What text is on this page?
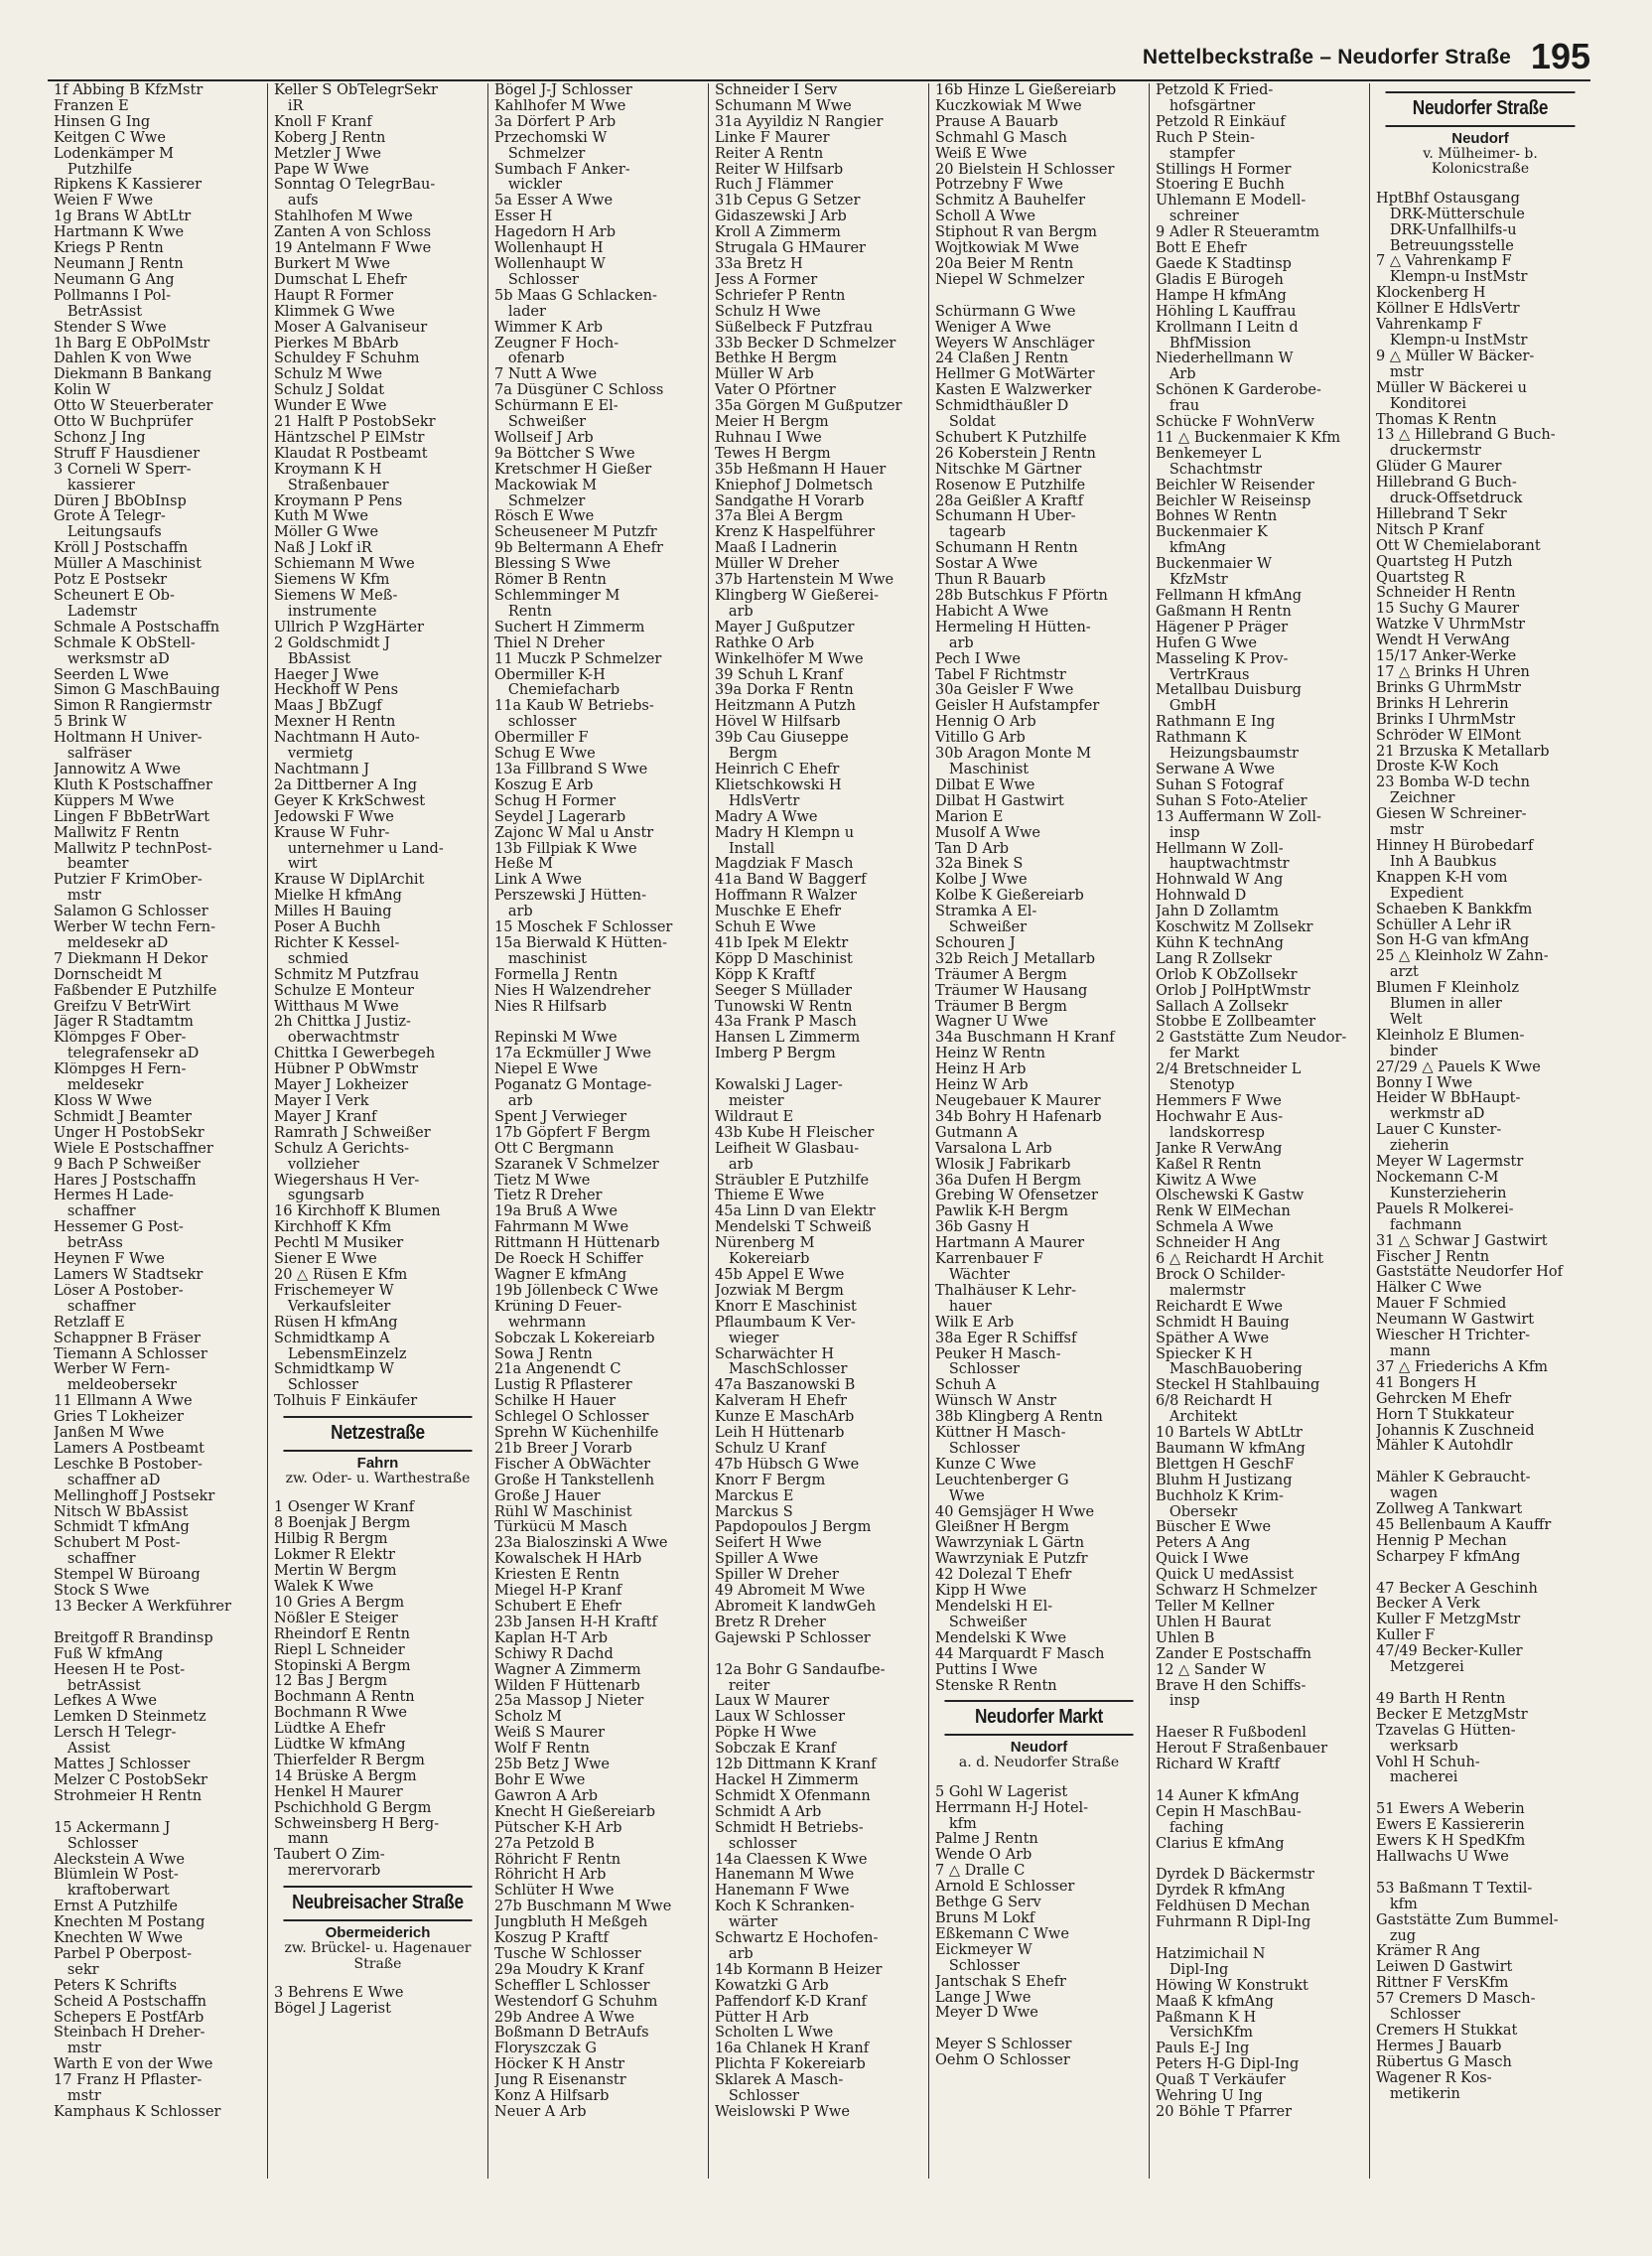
Nettelbeckstraße – Neudorfer Straße 195
1f Abbing B KfzMstr
Franzen E
Hinsen G Ing
Keitgen C Wwe
Lodenkämper M
Putzhilfe
Ripkens K Kassierer
Weien F Wwe
1g Brans W AbtLtr
Hartmann K Wwe
Kriegs P Rentn
Neumann J Rentn
Neumann G Ang
Pollmanns I Pol-
BetrAssist
Stender S Wwe
1h Barg E ObPolMstr
Dahlen K von Wwe
Diekmann B Bankang
Kolin W
Otto W Steuerberater
Otto W Buchprüfer
Schonz J Ing
Struff F Hausdiener
3 Corneli W Sperr-
kassierer
Düren J BbObInsp
Grote A Telegr-
Leitungsaufs
Kröll J Postschaffn
Müller A Maschinist
Potz E Postsekr
Scheunert E Ob-
Lademstr
Schmale A Postschaffn
Schmale K ObStell-
werksmstr aD
Seerden L Wwe
Simon G MaschBauing
Simon R Rangiermstr
5 Brink W
Holtmann H Univer-
salfräser
Jannowitz A Wwe
Kluth K Postschaffner
Küppers M Wwe
Lingen F BbBetrWart
Mallwitz F Rentn
Mallwitz P technPost-
beamter
Putzier F KrimOber-
mstr
Salamon G Schlosser
Werber W techn Fern-
meldesekr aD
7 Diekmann H Dekor
Dornscheidt M
Faßbender E Putzhilfe
Greifzu V BetrWirt
Jäger R Stadtamtm
Klömpges F Ober-
telegrafensekr aD
Klömpges H Fern-
meldesekr
Kloss W Wwe
Schmidt J Beamter
Unger H PostobSekr
Wiele E Postschaffner
9 Bach P Schweißer
Hares J Postschaffn
Hermes H Lade-
schaffner
Hessemer G Post-
betrAss
Heynen F Wwe
Lamers W Stadtsekr
Löser A Postober-
schaffner
Retzlaff E
Schappner B Fräser
Tiemann A Schlosser
Werber W Fern-
meldeobersekr
11 Ellmann A Wwe
Gries T Lokheizer
Janßen M Wwe
Lamers A Postbeamt
Leschke B Postober-
schaffner aD
Mellinghoff J Postsekr
Nitsch W BbAssist
Schmidt T kfmAng
Schubert M Post-
schaffner
Stempel W Büroang
Stock S Wwe
13 Becker A Werkführer

Breitgoff R Brandinsp
Fuß W kfmAng
Heesen H te Post-
betrAssist
Lefkes A Wwe
Lemken D Steinmetz
Lersch H Telegr-
Assist
Mattes J Schlosser
Melzer C PostobSekr
Strohmeier H Rentn

15 Ackermann J
Schlosser
Aleckstein A Wwe
Blümlein W Post-
kraftoberwart
Ernst A Putzhilfe
Knechten M Postang
Knechten W Wwe
Parbel P Oberpost-
sekr
Peters K Schrifts
Scheid A Postschaffn
Schepers E PostfArb
Steinbach H Dreher-
mstr
Warth E von der Wwe
17 Franz H Pflaster-
mstr
Kamphaus K Schlosser
Keller S ObTelegrSekr
iR
Knoll F Kranf
Koberg J Rentn
Metzler J Wwe
Pape W Wwe
Sonntag O TelegrBau-
aufs
Stahlhofen M Wwe
Zanten A von Schloss
19 Antelmann F Wwe
Burkert M Wwe
Dumschat L Ehefr
Haupt R Former
Klimmek G Wwe
Moser A Galvaniseur
Pierkes M BbArb
Schuldey F Schuhm
Schulz M Wwe
Schulz J Soldat
Wunder E Wwe
21 Halft P PostobSekr
Häntzschel P ElMstr
Klaudat R Postbeamt
Kroymann K H
Straßenbauer
Kroymann P Pens
Kuth M Wwe
Möller G Wwe
Naß J Lokf iR
Schiemann M Wwe
Siemens W Kfm
Siemens W Meß-
instrumente
Ullrich P WzgHärter
2 Goldschmidt J
BbAssist
Haeger J Wwe
Heckhoff W Pens
Maas J BbZugf
Mexner H Rentn
Nachtmann H Auto-
vermietg
Nachtmann J
2a Dittberner A Ing
Geyer K KrkSchwest
Jedowski F Wwe
Krause W Fuhr-
unternehmer u Land-
wirt
Krause W DiplArchit
Mielke H kfmAng
Milles H Bauing
Poser A Buchh
Richter K Kessel-
schmied
Schmitz M Putzfrau
Schulze E Monteur
Witthaus M Wwe
2h Chittka J Justiz-
oberwachtmstr
Chittka I Gewerbegeh
Hübner P ObWmstr
Mayer J Lokheizer
Mayer I Verk
Mayer J Kranf
Ramrath J Schweißer
Schulz A Gerichts-
vollzieher
Wiegershaus H Ver-
sgungsarb
16 Kirchhoff K Blumen
Kirchhoff K Kfm
Pechtl M Musiker
Siener E Wwe
20 △ Rüsen E Kfm
Frischemeyer W
Verkaufsleiter
Rüsen H kfmAng
Schmidtkamp A
LebensmEinzelz
Schmidtkamp W
Schlosser
Tolhuis F Einkäufer
Netzestraße
Fahrn
zw. Oder- u. Warthestraße
1 Osenger W Kranf
8 Boenjak J Bergm
Hilbig R Bergm
Lokmer R Elektr
Mertin W Bergm
Walek K Wwe
10 Gries A Bergm
Nößler E Steiger
Rheindorf E Rentn
Riepl L Schneider
Stopinski A Bergm
12 Bas J Bergm
Bochmann A Rentn
Bochmann R Wwe
Lüdtke A Ehefr
Lüdtke W kfmAng
Thierfelder R Bergm
14 Brüske A Bergm
Henkel H Maurer
Pschichhold G Bergm
Schweinsberg H Berg-
mann
Taubert O Zim-
merervorarb
Neubreisacher Straße
Obermeiderich
zw. Brückel- u. Hagenauer Straße
3 Behrens E Wwe
Bögel J Lagerist
Bögel J-J Schlosser
Kahlhofer M Wwe
3a Dörfert P Arb
Przechomski W
Schmelzer
Sumbach F Anker-
wickler
5a Esser A Wwe
Esser H
Hagedorn H Arb
Wollenhaupt H
Wollenhaupt W
Schlosser
5b Maas G Schlacken-
lader
Wimmer K Arb
Zeugner F Hoch-
ofenarb
7 Nutt A Wwe
7a Düsgüner C Schloss
Schürmann E El-
Schweißer
Wollseif J Arb
9a Böttcher S Wwe
Kretschmer H Gießer
Mackowiak M
Schmelzer
Rösch E Wwe
Scheuseneer M Putzfr
9b Beltermann A Ehefr
Blessing S Wwe
Römer B Rentn
Schlemminger M
Rentn
Suchert H Zimmerm
Thiel N Dreher
11 Muczk P Schmelzer
Obermiller K-H
Chemiefacharb
11a Kaub W Betriebs-
schlosser
Obermiller F
Schug E Wwe
13a Fillbrand S Wwe
Koszug E Arb
Schug H Former
Seydel J Lagerarb
Zajonc W Mal u Anstr
13b Fillpiak K Wwe
Heße M
Link A Wwe
Perszewski J Hütten-
arb
15 Moschek F Schlosser
15a Bierwald K Hütten-
maschinist
Formella J Rentn
Nies H Walzendreher
Nies R Hilfsarb

Repinski M Wwe
17a Eckmüller J Wwe
Niepel E Wwe
Poganatz G Montage-
arb
Spent J Verwieger
17b Göpfert F Bergm
Ott C Bergmann
Szaranek V Schmelzer
Tietz M Wwe
Tietz R Dreher
19a Bruß A Wwe
Fahrmann M Wwe
Rittmann H Hüttenarb
De Roeck H Schiffer
Wagner E kfmAng
19b Jöllenbeck C Wwe
Krüning D Feuer-
wehrmann
Sobczak L Kokereiarb
Sowa J Rentn
21a Angenendt C
Lustig R Pflasterer
Schilke H Hauer
Schlegel O Schlosser
Sprehn W Küchenhilfe
21b Breer J Vorarb
Fischer A ObWächter
Große H Tankstellenh
Große J Hauer
Rühl W Maschinist
Türkücü M Masch
23a Bialoszinski A Wwe
Kowalschek H HArb
Kriesten E Rentn
Miegel H-P Kranf
Schubert E Ehefr
23b Jansen H-H Kraftf
Kaplan H-T Arb
Schiwy R Dachd
Wagner A Zimmerm
Wilden F Hüttenarb
25a Massop J Nieter
Scholz M
Weiß S Maurer
Wolf F Rentn
25b Betz J Wwe
Bohr E Wwe
Gawron A Arb
Knecht H Gießereiarb
Pütscher K-H Arb
27a Petzold B
Röhricht F Rentn
Röhricht H Arb
Schlüter H Wwe
27b Buschmann M Wwe
Jungbluth H Meßgeh
Koszug P Kraftf
Tusche W Schlosser
29a Moudry K Kranf
Scheffler L Schlosser
Westendorf G Schuhm
29b Andree A Wwe
Boßmann D BetrAufs
Floryszczak G
Höcker K H Anstr
Jung R Eisenanstr
Konz A Hilfsarb
Neuer A Arb
Schneider I Serv
Schumann M Wwe
31a Ayyildiz N Rangier
Linke F Maurer
Reiter A Rentn
Reiter W Hilfsarb
Ruch J Flämmer
31b Cepus G Setzer
Gidaszewski J Arb
Kroll A Zimmerm
Strugala G HMaurer
33a Bretz H
Jess A Former
Schriefer P Rentn
Schulz H Wwe
Süßelbeck F Putzfrau
33b Becker D Schmelzer
Bethke H Bergm
Müller W Arb
Vater O Pförtner
35a Görgen M Gußputzer
Meier H Bergm
Ruhnau I Wwe
Tewes H Bergm
35b Heßmann H Hauer
Kniephof J Dolmetsch
Sandgathe H Vorarb
37a Blei A Bergm
Krenz K Haspelführer
Maaß I Ladnerin
Müller W Dreher
37b Hartenstein M Wwe
Klingberg W Gießerei-
arb
Mayer J Gußputzer
Rathke O Arb
Winkelhöfer M Wwe
39 Schuh L Kranf
39a Dorka F Rentn
Heitzmann A Putzh
Hövel W Hilfsarb
39b Cau Giuseppe
Bergm
Heinrich C Ehefr
Klietschkowski H
HdlsVertr
Madry A Wwe
Madry H Klempn u
Install
Magdziak F Masch
41a Band W Baggerf
Hoffmann R Walzer
Muschke E Ehefr
Schuh E Wwe
41b Ipek M Elektr
Köpp D Maschinist
Köpp K Kraftf
Seeger S Müllader
Tunowski W Rentn
43a Frank P Masch
Hansen L Zimmerm
Imberg P Bergm

Kowalski J Lager-
meister
Wildraut E
43b Kube H Fleischer
Leifheit W Glasbau-
arb
Sträubler E Putzhilfe
Thieme E Wwe
45a Linn D van Elektr
Mendelski T Schweiß
Nürenberg M
Kokereiarb
45b Appel E Wwe
Jozwiak M Bergm
Knorr E Maschinist
Pflaumbaum K Ver-
wieger
Scharwächter H
MaschSchlosser
47a Baszanowski B
Kalveram H Ehefr
Kunze E MaschArb
Leih H Hüttenarb
Schulz U Kranf
47b Hübsch G Wwe
Knorr F Bergm
Marckus E
Marckus S
Papdopoulos J Bergm
Seifert H Wwe
Spiller A Wwe
Spiller W Dreher
49 Abromeit M Wwe
Abromeit K landwGeh
Bretz R Dreher
Gajewski P Schlosser

12a Bohr G Sandaufbe-
reiter
Laux W Maurer
Laux W Schlosser
Pöpke H Wwe
Sobczak E Kranf
12b Dittmann K Kranf
Hackel H Zimmerm
Schmidt X Ofenmann
Schmidt A Arb
Schmidt H Betriebs-
schlosser
14a Claessen K Wwe
Hanemann M Wwe
Hanemann F Wwe
Koch K Schranken-
wärter
Schwartz E Hochofen-
arb
14b Kormann B Heizer
Kowatzki G Arb
Paffendorf K-D Kranf
Pütter H Arb
Scholten L Wwe
16a Chlanek H Kranf
Plichta F Kokereiarb
Sklarek A Masch-
Schlosser
Weislowski P Wwe
16b Hinze L Gießereiarb
Kuczkowiak M Wwe
Prause A Bauarb
Schmahl G Masch
Weiß E Wwe
20 Bielstein H Schlosser
Potrzebny F Wwe
Schmitz A Bauhelfer
Scholl A Wwe
Stiphout R van Bergm
Wojtkowiak M Wwe
20a Beier M Rentn
Niepel W Schmelzer

Schürmann G Wwe
Weniger A Wwe
Weyers W Anschläger
24 Claßen J Rentn
Hellmer G MotWärter
Kasten E Walzwerker
Schmidthäußler D
Soldat
Schubert K Putzhilfe
26 Koberstein J Rentn
Nitschke M Gärtner
Rosenow E Putzhilfe
28a Geißler A Kraftf
Schumann H Über-
tagearb
Schumann H Rentn
Sostar A Wwe
Thun R Bauarb
28b Butschkus F Pförtn
Habicht A Wwe
Hermeling H Hütten-
arb
Pech I Wwe
Tabel F Richtmstr
30a Geisler F Wwe
Geisler H Aufstampfer
Hennig O Arb
Vitillo G Arb
30b Aragon Monte M
Maschinist
Dilbat E Wwe
Dilbat H Gastwirt
Marion E
Musolf A Wwe
Tan D Arb
32a Binek S
Kolbe J Wwe
Kolbe K Gießereiarb
Stramka A El-
Schweißer
Schouren J
32b Reich J Metallarb
Träumer A Bergm
Träumer W Hausang
Träumer B Bergm
Wagner U Wwe
34a Buschmann H Kranf
Heinz W Rentn
Heinz H Arb
Heinz W Arb
Neugebauer K Maurer
34b Bohry H Hafenarb
Gutmann A
Varsalona L Arb
Wlosik J Fabrikarb
36a Dufen H Bergm
Grebing W Ofensetzer
Pawlik K-H Bergm
36b Gasny H
Hartmann A Maurer
Karrenbauer F
Wächter
Thalhäuser K Lehr-
hauer
Wilk E Arb
38a Eger R Schiffsf
Peuker H Masch-
Schlosser
Schuh A
Wünsch W Anstr
38b Klingberg A Rentn
Küttner H Masch-
Schlosser
Kunze C Wwe
Leuchtenberger G
Wwe
40 Gemsjäger H Wwe
Gleißner H Bergm
Wawrzyniak L Gärtn
Wawrzyniak E Putzfr
42 Dolezal T Ehefr
Kipp H Wwe
Mendelski H El-
Schweißer
Mendelski K Wwe
44 Marquardt F Masch
Puttins I Wwe
Stenske R Rentn
Neudorfer Markt
Neudorf
a. d. Neudorfer Straße
5 Gohl W Lagerist
Herrmann H-J Hotel-
kfm
Palme J Rentn
Wende O Arb
7 △ Dralle C
Arnold E Schlosser
Bethge G Serv
Bruns M Lokf
Eßkemann C Wwe
Eickmeyer W
Schlosser
Jantschak S Ehefr
Lange J Wwe
Meyer D Wwe

Meyer S Schlosser
Oehm O Schlosser
Petzold K Fried-
hofsgärtner
Petzold R Einkäuf
Ruch P Stein-
stampfer
Stillings H Former
Stoering E Buchh
Uhlemann E Modell-
schreiner
9 Adler R Steueramtm
Bott E Ehefr
Gaede K Stadtinsp
Gladis E Bürogeh
Hampe H kfmAng
Höhling L Kauffrau
Krollmann I Leitn d
BhfMission
Niederhellmann W
Arb
Schönen K Garderobe-
frau
Schücke F WohnVerw
11 △ Buckenmaier K Kfm
Benkemeyer L
Schachtmstr
Beichler W Reisender
Beichler W Reiseinsp
Bohnes W Rentn
Buckenmaier K
kfmAng
Buckenmaier W
KfzMstr
Fellmann H kfmAng
Gaßmann H Rentn
Hägener P Präger
Hufen G Wwe
Masseling K Prov-
VertrKraus
Metallbau Duisburg
GmbH
Rathmann E Ing
Rathmann K
Heizungsbaumstr
Serwane A Wwe
Suhan S Fotograf
Suhan S Foto-Atelier
13 Auffermann W Zoll-
insp
Hellmann W Zoll-
hauptwachtmstr
Hohnwald W Ang
Hohnwald D
Jahn D Zollamtm
Koschwitz M Zollsekr
Kühn K technAng
Lang R Zollsekr
Orlob K ObZollsekr
Orlob J PolHptWmstr
Sallach A Zollsekr
Stobbe E Zollbeamter
2 Gaststätte Zum Neudor-
fer Markt
2/4 Bretschneider L
Stenotyp
Hemmers F Wwe
Hochwahr E Aus-
landskorresp
Janke R VerwAng
Kaßel R Rentn
Kiwitz A Wwe
Olschewski K Gastw
Renk W ElMechan
Schmela A Wwe
Schneider H Ang
6 △ Reichardt H Archit
Brock O Schilder-
malermstr
Reichardt E Wwe
Schmidt H Bauing
Späther A Wwe
Spiecker K H
MaschBauobering
Steckel H Stahlbauing
6/8 Reichardt H
Architekt
10 Bartels W AbtLtr
Baumann W kfmAng
Blettgen H GeschF
Bluhm H Justizang
Buchholz K Krim-
Obersekr
Büscher E Wwe
Peters A Ang
Quick I Wwe
Quick U medAssist
Schwarz H Schmelzer
Teller M Kellner
Uhlen H Baurat
Uhlen B
Zander E Postschaffn
12 △ Sander W
Brave H den Schiffs-
insp

Haeser R Fußbodenl
Herout F Straßenbauer
Richard W Kraftf

14 Auner K kfmAng
Cepin H MaschBau-
faching
Clarius E kfmAng

Dyrdek D Bäckermstr
Dyrdek R kfmAng
Feldhüsen D Mechan
Fuhrmann R Dipl-Ing

Hatzimichail N
Dipl-Ing
Höwing W Konstrukt
Maaß K kfmAng
Paßmann K H
VersichKfm
Pauls E-J Ing
Peters H-G Dipl-Ing
Quaß T Verkäufer
Wehring U Ing
20 Böhle T Pfarrer
Neudorfer Straße
Neudorf
v. Mülheimer- b. Kolonicstraße
HptBhf Ostausgang
DRK-Mütterschule
DRK-Unfallhilfs-u
Betreuungsstelle
7 △ Vahrenkamp F
Klempn-u InstMstr
Klockenberg H
Köllner E HdlsVertr
Vahrenkamp F
Klempn-u InstMstr
9 △ Müller W Bäcker-
mstr
Müller W Bäckerei u
Konditorei
Thomas K Rentn
13 △ Hillebrand G Buch-
druckermstr
Glüder G Maurer
Hillebrand G Buch-
druck-Offsetdruck
Hillebrand T Sekr
Nitsch P Kranf
Ott W Chemielaborant
Quartsteg H Putzh
Quartsteg R
Schneider H Rentn
15 Suchy G Maurer
Watzke V UhrmMstr
Wendt H VerwAng
15/17 Anker-Werke
17 △ Brinks H Uhren
Brinks G UhrmMstr
Brinks H Lehrerin
Brinks I UhrmMstr
Schröder W ElMont
21 Brzuska K Metallarb
Droste K-W Koch
23 Bomba W-D techn
Zeichner
Giesen W Schreiner-
mstr
Hinney H Bürobedarf
Inh A Baubkus
Knappen K-H vom
Expedient
Schaeben K Bankkfm
Schüller A Lehr iR
Son H-G van kfmAng
25 △ Kleinholz W Zahn-
arzt
Blumen F Kleinholz
Blumen in aller
Welt
Kleinholz E Blumen-
binder
27/29 △ Pauels K Wwe
Bonny I Wwe
Heider W BbHaupt-
werkmstr aD
Lauer C Kunster-
zieherin
Meyer W Lagermstr
Nockemann C-M
Kunsterzieherin
Pauels R Molkerei-
fachmann
31 △ Schwar J Gastwirt
Fischer J Rentn
Gaststätte Neudorfer Hof
Hälker C Wwe
Mauer F Schmied
Neumann W Gastwirt
Wiescher H Trichter-
mann
37 △ Friederichs A Kfm
41 Bongers H
Gehrcken M Ehefr
Horn T Stukkateur
Johannis K Zuschneid
Mähler K Autohdlr

Mähler K Gebraucht-
wagen
Zollweg A Tankwart
45 Bellenbaum A Kauffr
Hennig P Mechan
Scharpey F kfmAng

47 Becker A Geschinh
Becker A Verk
Kuller F MetzgMstr
Kuller F
47/49 Becker-Kuller
Metzgerei

49 Barth H Rentn
Becker E MetzgMstr
Tzavelas G Hütten-
werksarb
Vohl H Schuh-
macherei

51 Ewers A Weberin
Ewers E Kassiererin
Ewers K H SpedKfm
Hallwachs U Wwe

53 Baßmann T Textil-
kfm
Gaststätte Zum Bummel-
zug
Krämer R Ang
Leiwen D Gastwirt
Rittner F VersKfm
57 Cremers D Masch-
Schlosser
Cremers H Stukkat
Hermes J Bauarb
Rübertus G Masch
Wagener R Kos-
metikerin
